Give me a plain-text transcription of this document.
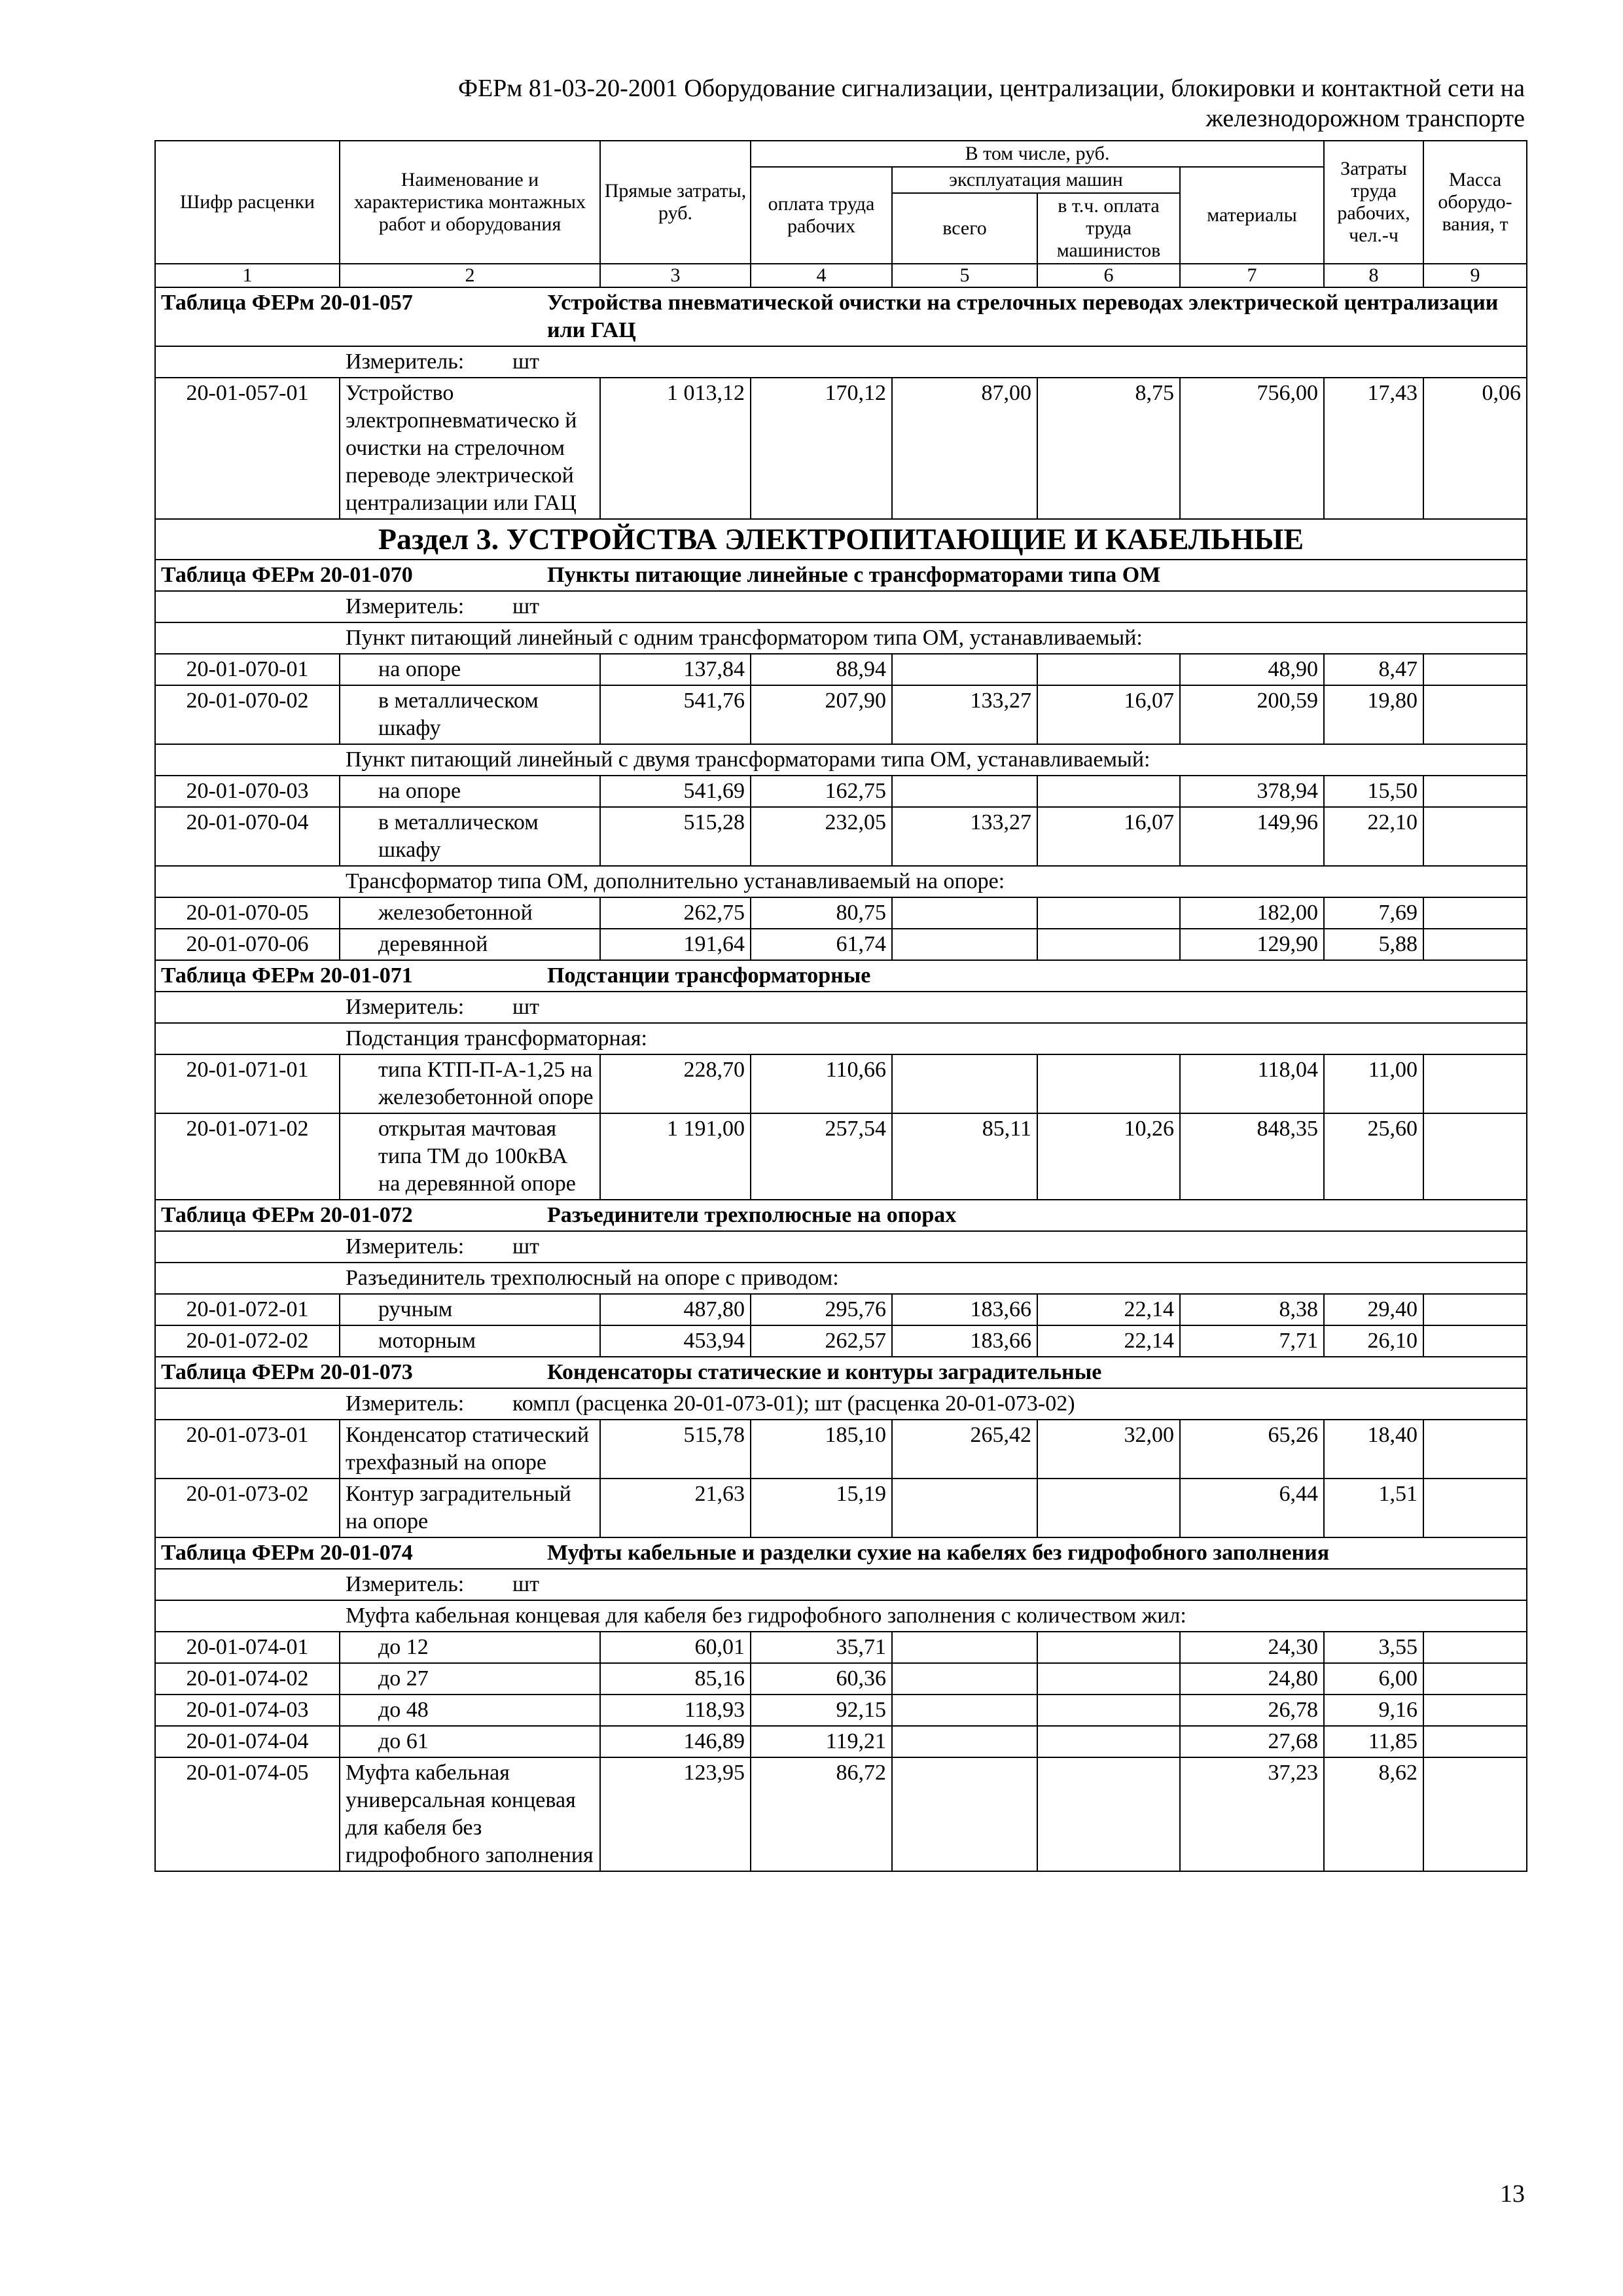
ФЕРм 81-03-20-2001 Оборудование сигнализации, централизации, блокировки и контактной сети на
железнодорожном транспорте
Шифр расценки	Наименование и характеристика монтажных работ и оборудования	Прямые затраты, руб.	В том числе, руб.				Затраты труда рабочих, чел.-ч	Масса оборудо- вания, т
			оплата труда рабочих	эксплуатация машин		материалы		
				всего	в т.ч. оплата труда машинистов			
1	2	3	4	5	6	7	8	9
Таблица ФЕРм 20-01-057 Устройства пневматической очистки на стрелочных переводах электрической централизации или ГАЦ								
Измеритель: шт								
20-01-057-01	Устройство электропневматическо й очистки на стрелочном переводе электрической централизации или ГАЦ	1 013,12	170,12	87,00	8,75	756,00	17,43	0,06
Раздел 3. УСТРОЙСТВА ЭЛЕКТРОПИТАЮЩИЕ И КАБЕЛЬНЫЕ								
Таблица ФЕРм 20-01-070 Пункты питающие линейные с трансформаторами типа ОМ								
Измеритель: шт								
Пункт питающий линейный с одним трансформатором типа ОМ, устанавливаемый:								
20-01-070-01	на опоре	137,84	88,94			48,90	8,47	
20-01-070-02	в металлическом шкафу	541,76	207,90	133,27	16,07	200,59	19,80	
Пункт питающий линейный с двумя трансформаторами типа ОМ, устанавливаемый:								
20-01-070-03	на опоре	541,69	162,75			378,94	15,50	
20-01-070-04	в металлическом шкафу	515,28	232,05	133,27	16,07	149,96	22,10	
Трансформатор типа ОМ, дополнительно устанавливаемый на опоре:								
20-01-070-05	железобетонной	262,75	80,75			182,00	7,69	
20-01-070-06	деревянной	191,64	61,74			129,90	5,88	
Таблица ФЕРм 20-01-071 Подстанции трансформаторные								
Измеритель: шт								
Подстанция трансформаторная:								
20-01-071-01	типа КТП-П-А-1,25 на железобетонной опоре	228,70	110,66			118,04	11,00	
20-01-071-02	открытая мачтовая типа ТМ до 100кВА на деревянной опоре	1 191,00	257,54	85,11	10,26	848,35	25,60	
Таблица ФЕРм 20-01-072 Разъединители трехполюсные на опорах								
Измеритель: шт								
Разъединитель трехполюсный на опоре с приводом:								
20-01-072-01	ручным	487,80	295,76	183,66	22,14	8,38	29,40	
20-01-072-02	моторным	453,94	262,57	183,66	22,14	7,71	26,10	
Таблица ФЕРм 20-01-073 Конденсаторы статические и контуры заградительные								
Измеритель: компл (расценка 20-01-073-01); шт (расценка 20-01-073-02)								
20-01-073-01	Конденсатор статический трехфазный на опоре	515,78	185,10	265,42	32,00	65,26	18,40	
20-01-073-02	Контур заградительный на опоре	21,63	15,19			6,44	1,51	
Таблица ФЕРм 20-01-074 Муфты кабельные и разделки сухие на кабелях без гидрофобного заполнения								
Измеритель: шт								
Муфта кабельная концевая для кабеля без гидрофобного заполнения с количеством жил:								
20-01-074-01	до 12	60,01	35,71			24,30	3,55	
20-01-074-02	до 27	85,16	60,36			24,80	6,00	
20-01-074-03	до 48	118,93	92,15			26,78	9,16	
20-01-074-04	до 61	146,89	119,21			27,68	11,85	
20-01-074-05	Муфта кабельная универсальная концевая для кабеля без гидрофобного заполнения	123,95	86,72			37,23	8,62	
13
